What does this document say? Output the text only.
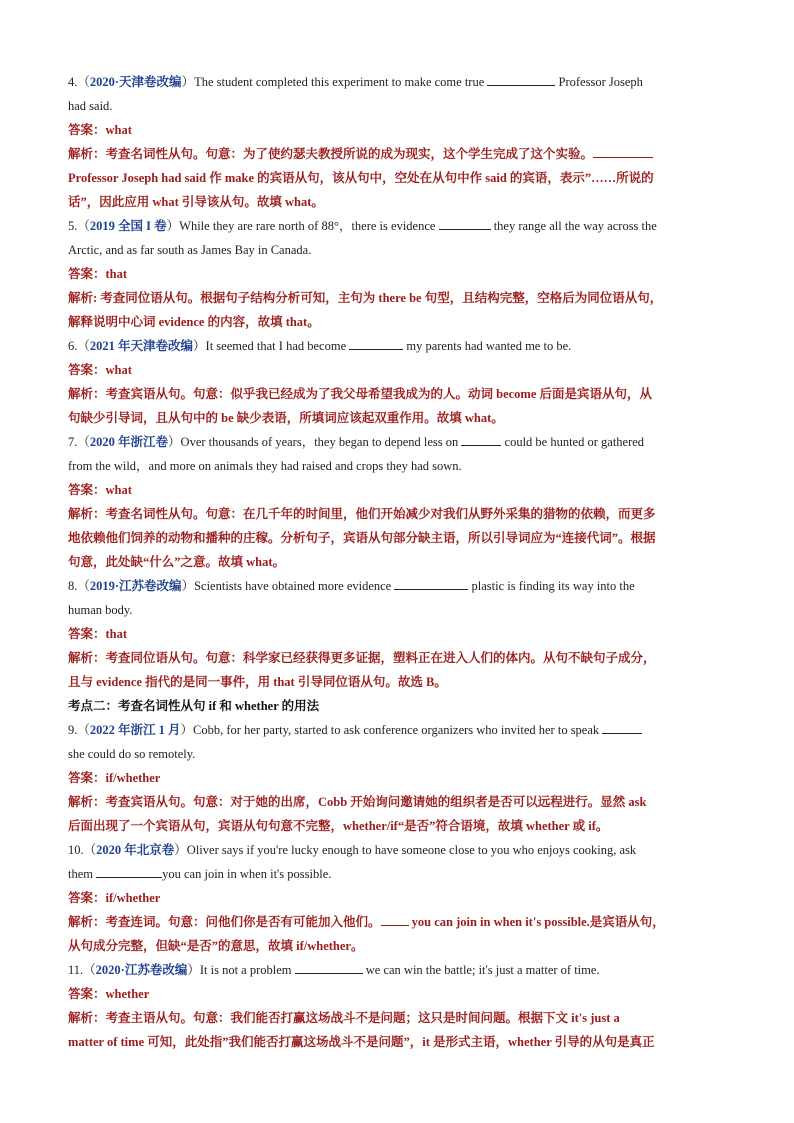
4.（2020·天津卷改编）The student completed this experiment to make come true	Professor Joseph
had said.
答案：what
解析：考查名词性从句。句意：为了使约瑟夫教授所说的成为现实，这个学生完成了这个实验。
Professor Joseph had said 作 make 的宾语从句，该从句中，空处在从句中作 said 的宾语，表示”……所说的
话”，因此应用 what 引导该从句。故填 what。
5.（2019 全国 I 卷）While they are rare north of 88°，there is evidence	they range all the way across the
Arctic, and as far south as James Bay in Canada.
答案：that
解析: 考查同位语从句。根据句子结构分析可知，主句为 there be 句型，且结构完整，空格后为同位语从句，
解释说明中心词 evidence 的内容，故填 that。
6.（2021 年天津卷改编）It seemed that I had become	my parents had wanted me to be.
答案：what
解析：考查宾语从句。句意：似乎我已经成为了我父母希望我成为的人。动词 become 后面是宾语从句，从
句缺少引导词，且从句中的 be 缺少表语，所填词应该起双重作用。故填 what。
7.（2020 年浙江卷）Over thousands of years，they began to depend less on	could be hunted or gathered
from the wild，and more on animals they had raised and crops they had sown.
答案：what
解析：考查名词性从句。句意：在几千年的时间里，他们开始减少对我们从野外采集的猎物的依赖，而更多
地依赖他们饲养的动物和播种的庄稼。分析句子，宾语从句部分缺主语，所以引导词应为“连接代词”。根据
句意，此处缺“什么”之意。故填 what。
8.（2019·江苏卷改编）Scientists have obtained more evidence	plastic is finding its way into the
human body.
答案：that
解析：考查同位语从句。句意：科学家已经获得更多证据，塑料正在进入人们的体内。从句不缺句子成分，
且与 evidence 指代的是同一事件，用 that 引导同位语从句。故选 B。
考点二：考查名词性从句 if 和 whether 的用法
9.（2022 年浙江 1 月）Cobb, for her party, started to ask conference organizers who invited her to speak
she could do so remotely.
答案：if/whether
解析：考查宾语从句。句意：对于她的出席，Cobb 开始询问邀请她的组织者是否可以远程进行。显然 ask
后面出现了一个宾语从句，宾语从句句意不完整，whether/if“是否”符合语境，故填 whether 或 if。
10.（2020 年北京卷）Oliver says if you're lucky enough to have someone close to you who enjoys cooking, ask
them	you can join in when it's possible.
答案：if/whether
解析：考查连词。句意：问他们你是否有可能加入他们。 you can join in when it's possible.是宾语从句，
从句成分完整，但缺“是否”的意思，故填 if/whether。
11.（2020·江苏卷改编）It is not a problem	we can win the battle; it's just a matter of time.
答案：whether
解析：考查主语从句。句意：我们能否打赢这场战斗不是问题；这只是时间问题。根据下文 it's just a
matter of time 可知，此处指”我们能否打赢这场战斗不是问题”，it 是形式主语，whether 引导的从句是真正
